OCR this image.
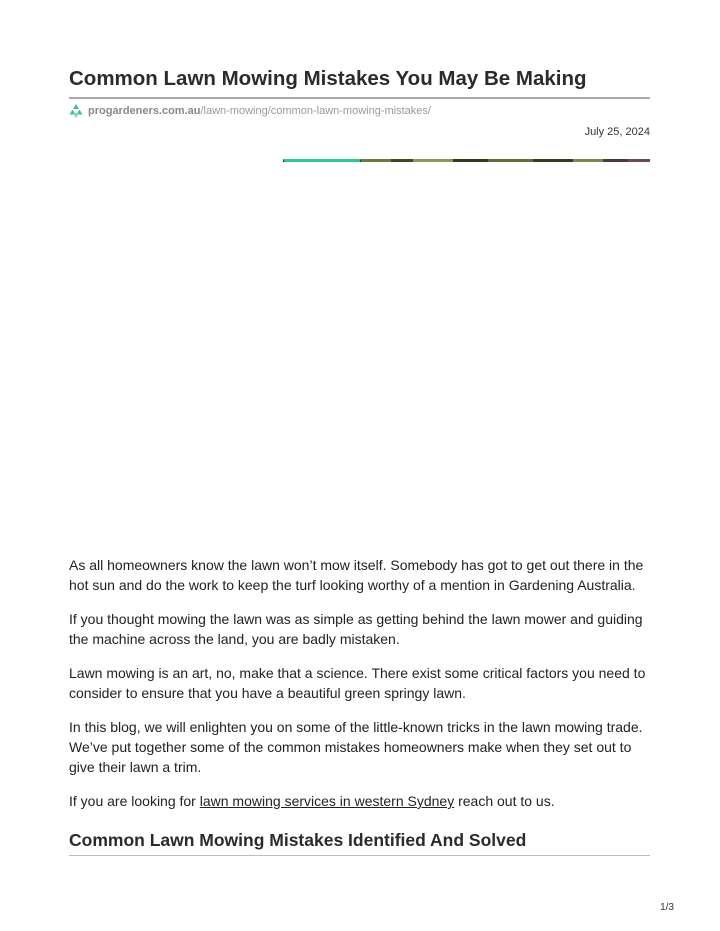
Common Lawn Mowing Mistakes You May Be Making
progardeners.com.au/lawn-mowing/common-lawn-mowing-mistakes/
July 25, 2024

As all homeowners know the lawn won’t mow itself. Somebody has got to get out there in the hot sun and do the work to keep the turf looking worthy of a mention in Gardening Australia.

If you thought mowing the lawn was as simple as getting behind the lawn mower and guiding the machine across the land, you are badly mistaken.

Lawn mowing is an art, no, make that a science. There exist some critical factors you need to consider to ensure that you have a beautiful green springy lawn.

In this blog, we will enlighten you on some of the little-known tricks in the lawn mowing trade. We’ve put together some of the common mistakes homeowners make when they set out to give their lawn a trim.

If you are looking for lawn mowing services in western Sydney reach out to us.

Common Lawn Mowing Mistakes Identified And Solved
1/3
